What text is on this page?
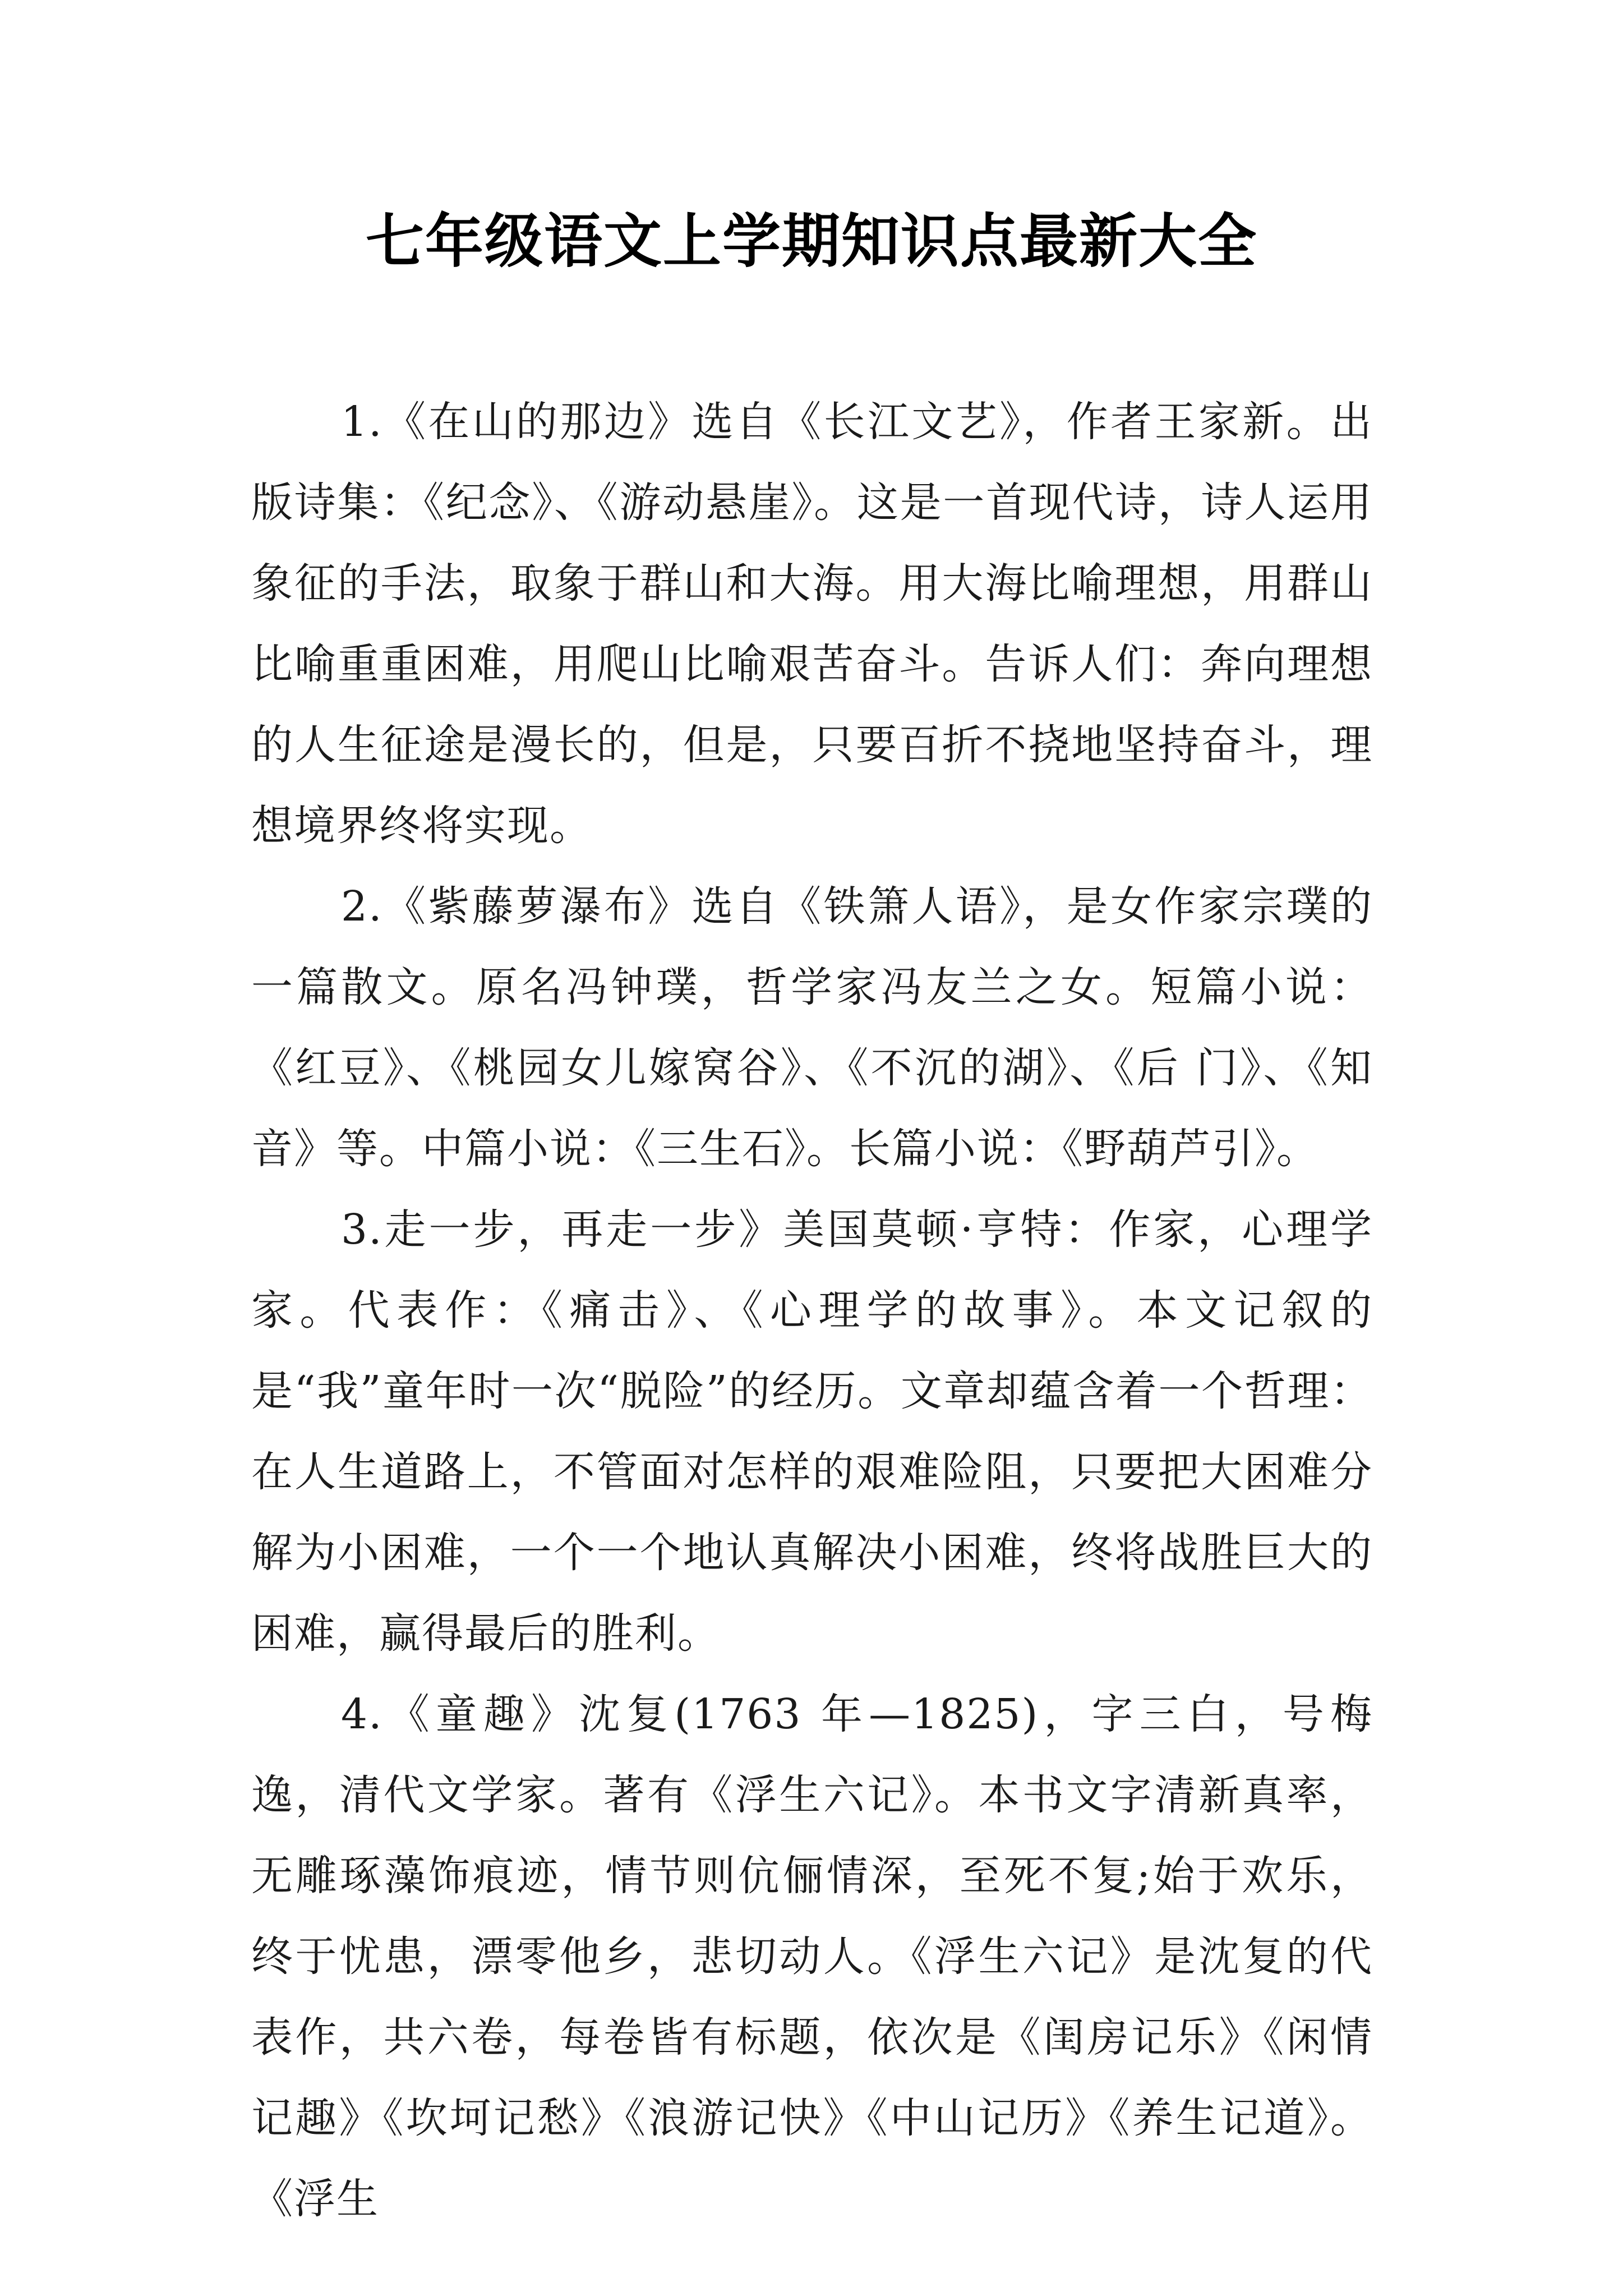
七年级语文上学期知识点最新大全

1.《在山的那边》选自《长江文艺》，作者王家新。出版诗集：《纪念》、《游动悬崖》。这是一首现代诗，诗人运用象征的手法，取象于群山和大海。用大海比喻理想，用群山比喻重重困难，用爬山比喻艰苦奋斗。告诉人们：奔向理想的人生征途是漫长的，但是，只要百折不挠地坚持奋斗，理想境界终将实现。

2.《紫藤萝瀑布》选自《铁箫人语》，是女作家宗璞的一篇散文。原名冯钟璞，哲学家冯友兰之女。短篇小说：《红豆》、《桃园女儿嫁窝谷》、《不沉的湖》、《后 门》、《知音》等。中篇小说：《三生石》。长篇小说：《野葫芦引》。

3.走一步，再走一步》美国莫顿·亨特：作家，心理学家。代表作：《痛击》、《心理学的故事》。本文记叙的是“我”童年时一次“脱险”的经历。文章却蕴含着一个哲理：在人生道路上，不管面对怎样的艰难险阻，只要把大困难分解为小困难，一个一个地认真解决小困难，终将战胜巨大的困难，赢得最后的胜利。

4.《童趣》沈复(1763 年—1825)，字三白，号梅逸，清代文学家。著有《浮生六记》。本书文字清新真率，无雕琢藻饰痕迹，情节则伉俪情深，至死不复;始于欢乐，终于忧患，漂零他乡，悲切动人。《浮生六记》是沈复的代表作，共六卷，每卷皆有标题，依次是《闺房记乐》《闲情记趣》《坎坷记愁》《浪游记快》《中山记历》《养生记道》。《浮生
